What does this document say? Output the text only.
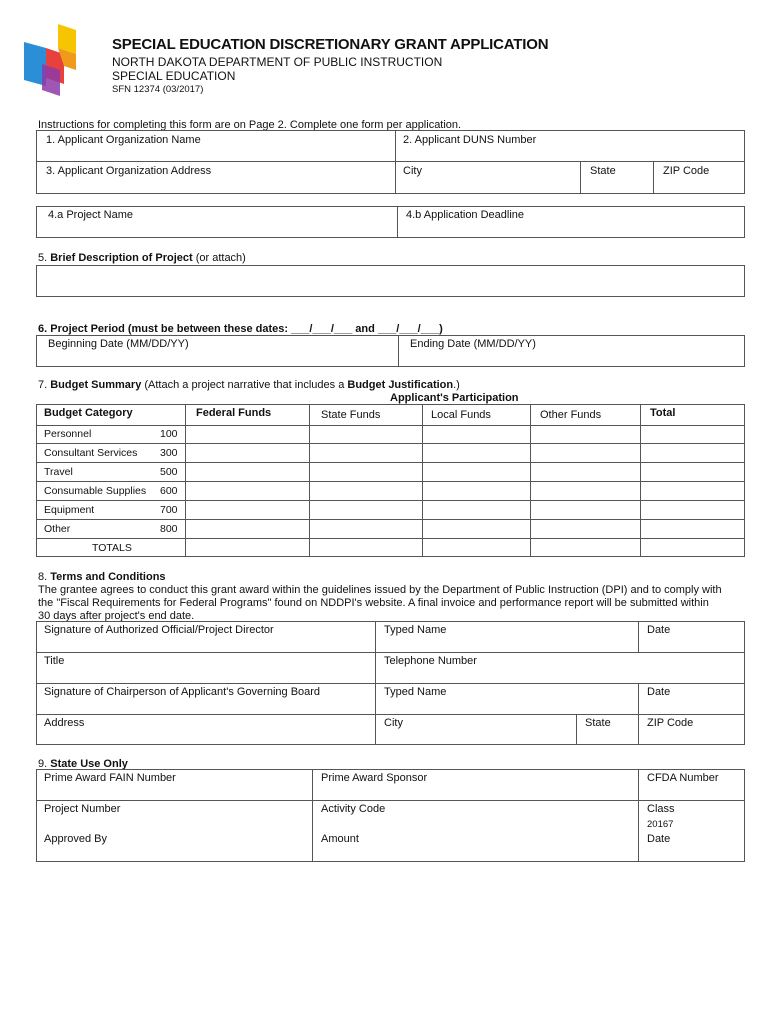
SPECIAL EDUCATION DISCRETIONARY GRANT APPLICATION
NORTH DAKOTA DEPARTMENT OF PUBLIC INSTRUCTION
SPECIAL EDUCATION
SFN 12374 (03/2017)
Instructions for completing this form are on Page 2. Complete one form per application.
1. Applicant Organization Name	2. Applicant DUNS Number
3. Applicant Organization Address	City	State	ZIP Code
4.a Project Name	4.b Application Deadline
5. Brief Description of Project (or attach)
6. Project Period (must be between these dates: ___/___/___ and ___/___/___)
Beginning Date (MM/DD/YY)	Ending Date (MM/DD/YY)
7. Budget Summary (Attach a project narrative that includes a Budget Justification.)
Applicant's Participation
Budget Category	Federal Funds	State Funds	Local Funds	Other Funds	Total
Personnel	100
Consultant Services 300
Travel	500
Consumable Supplies 600
Equipment	700
Other	800
TOTALS
8. Terms and Conditions
The grantee agrees to conduct this grant award within the guidelines issued by the Department of Public Instruction (DPI) and to comply with
the "Fiscal Requirements for Federal Programs" found on NDDPI's website. A final invoice and performance report will be submitted within
30 days after project's end date.
Signature of Authorized Official/Project Director	Typed Name	Date
Title	Telephone Number
Signature of Chairperson of Applicant's Governing Board	Typed Name	Date
Address	City	State	ZIP Code
9. State Use Only
Prime Award FAIN Number	Prime Award Sponsor	CFDA Number
Project Number	Activity Code	Class
20167
Approved By	Amount	Date
